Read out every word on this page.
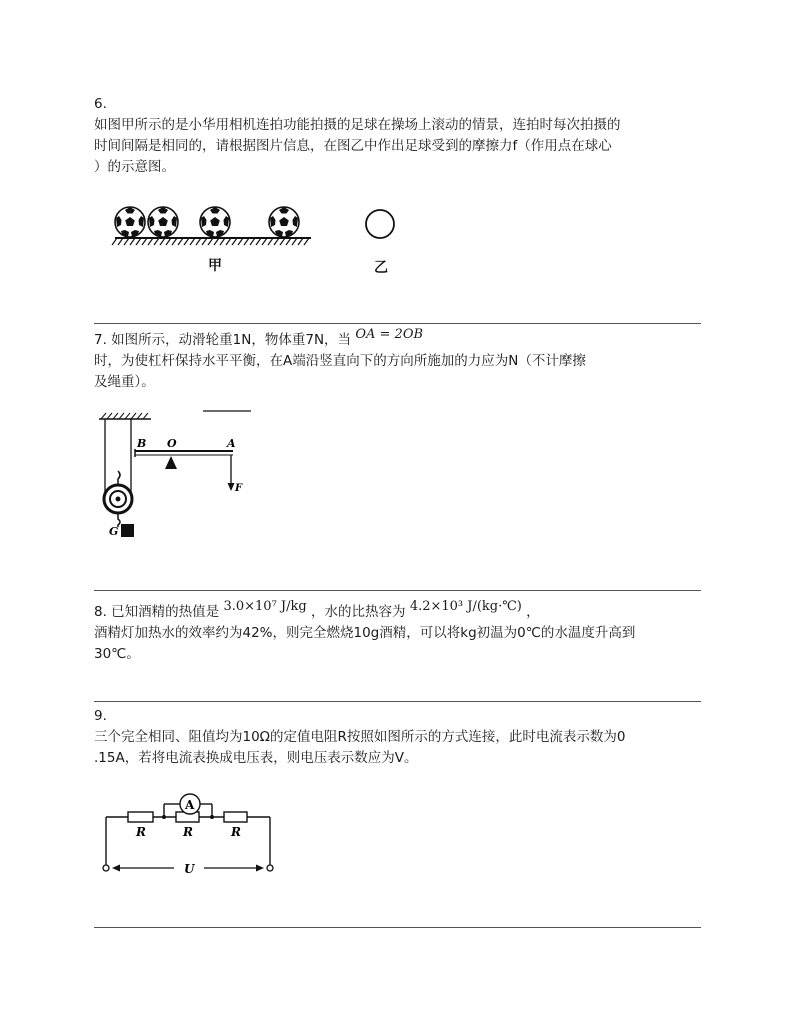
6.
如图甲所示的是小华用相机连拍功能拍摄的足球在操场上滚动的情景，连拍时每次拍摄的
时间间隔是相同的，请根据图片信息，在图乙中作出足球受到的摩擦力f（作用点在球心
）的示意图。
甲	乙
7. 如图所示，动滑轮重1N，物体重7N，当 OA = 2OB
时，为使杠杆保持水平平衡，在A端沿竖直向下的方向所施加的力应为N（不计摩擦
及绳重）。
B O	A
F
G
8. 已知酒精的热值是 3.0×10⁷ J/kg ，水的比热容为 4.2×10³ J/(kg·℃) ，
酒精灯加热水的效率约为42%，则完全燃烧10g酒精，可以将kg初温为0℃的水温度升高到
30℃。
9.
三个完全相同、阻值均为10Ω的定值电阻R按照如图所示的方式连接，此时电流表示数为0
.15A，若将电流表换成电压表，则电压表示数应为V。
A
R	R	R
U
